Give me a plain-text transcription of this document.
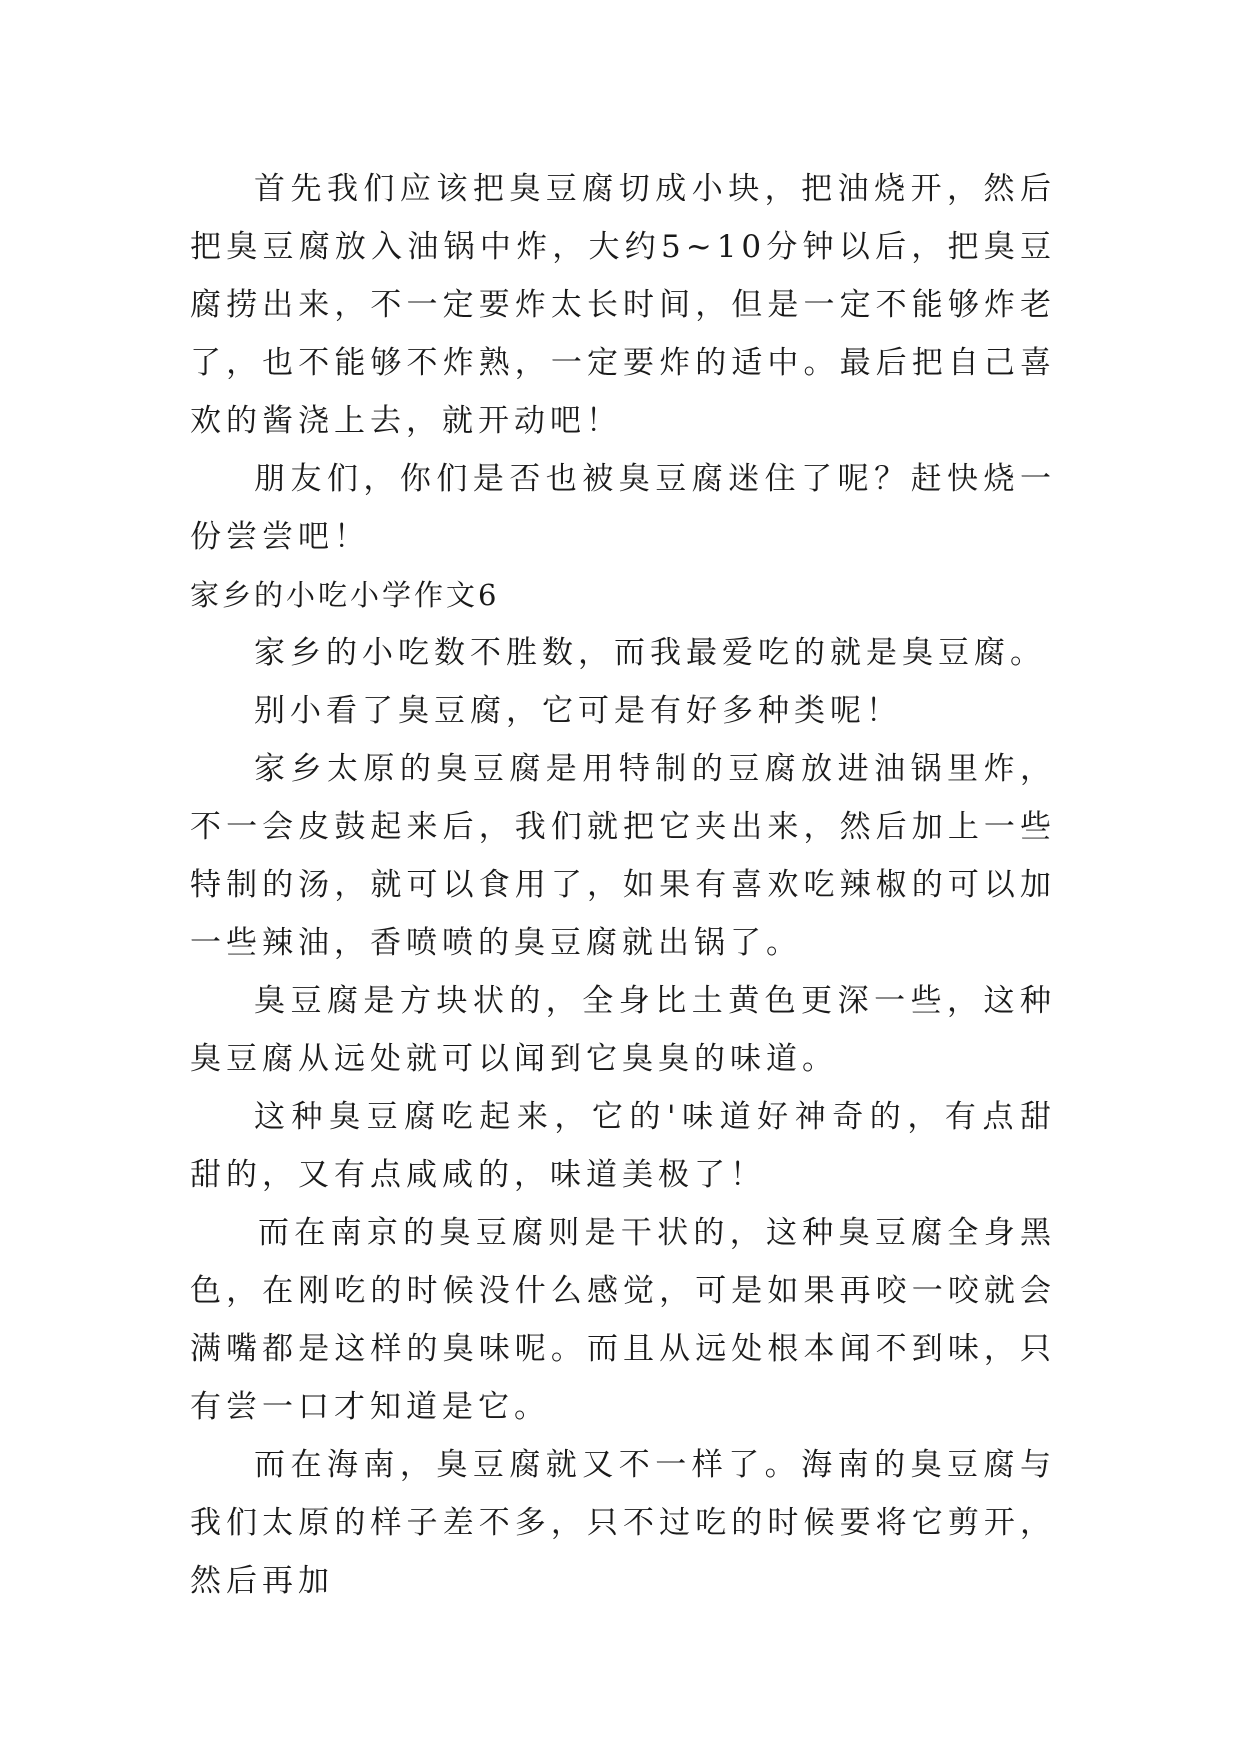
首先我们应该把臭豆腐切成小块，把油烧开，然后把臭豆腐放入油锅中炸，大约5~10分钟以后，把臭豆腐捞出来，不一定要炸太长时间，但是一定不能够炸老了，也不能够不炸熟，一定要炸的适中。最后把自己喜欢的酱浇上去，就开动吧！

朋友们，你们是否也被臭豆腐迷住了呢？赶快烧一份尝尝吧！

家乡的小吃小学作文6

家乡的小吃数不胜数，而我最爱吃的就是臭豆腐。

别小看了臭豆腐，它可是有好多种类呢！

家乡太原的臭豆腐是用特制的豆腐放进油锅里炸，不一会皮鼓起来后，我们就把它夹出来，然后加上一些特制的汤，就可以食用了，如果有喜欢吃辣椒的可以加一些辣油，香喷喷的臭豆腐就出锅了。

臭豆腐是方块状的，全身比土黄色更深一些，这种臭豆腐从远处就可以闻到它臭臭的味道。

这种臭豆腐吃起来，它的'味道好神奇的，有点甜甜的，又有点咸咸的，味道美极了！

而在南京的臭豆腐则是干状的，这种臭豆腐全身黑色，在刚吃的时候没什么感觉，可是如果再咬一咬就会满嘴都是这样的臭味呢。而且从远处根本闻不到味，只有尝一口才知道是它。

而在海南，臭豆腐就又不一样了。海南的臭豆腐与我们太原的样子差不多，只不过吃的时候要将它剪开，然后再加
